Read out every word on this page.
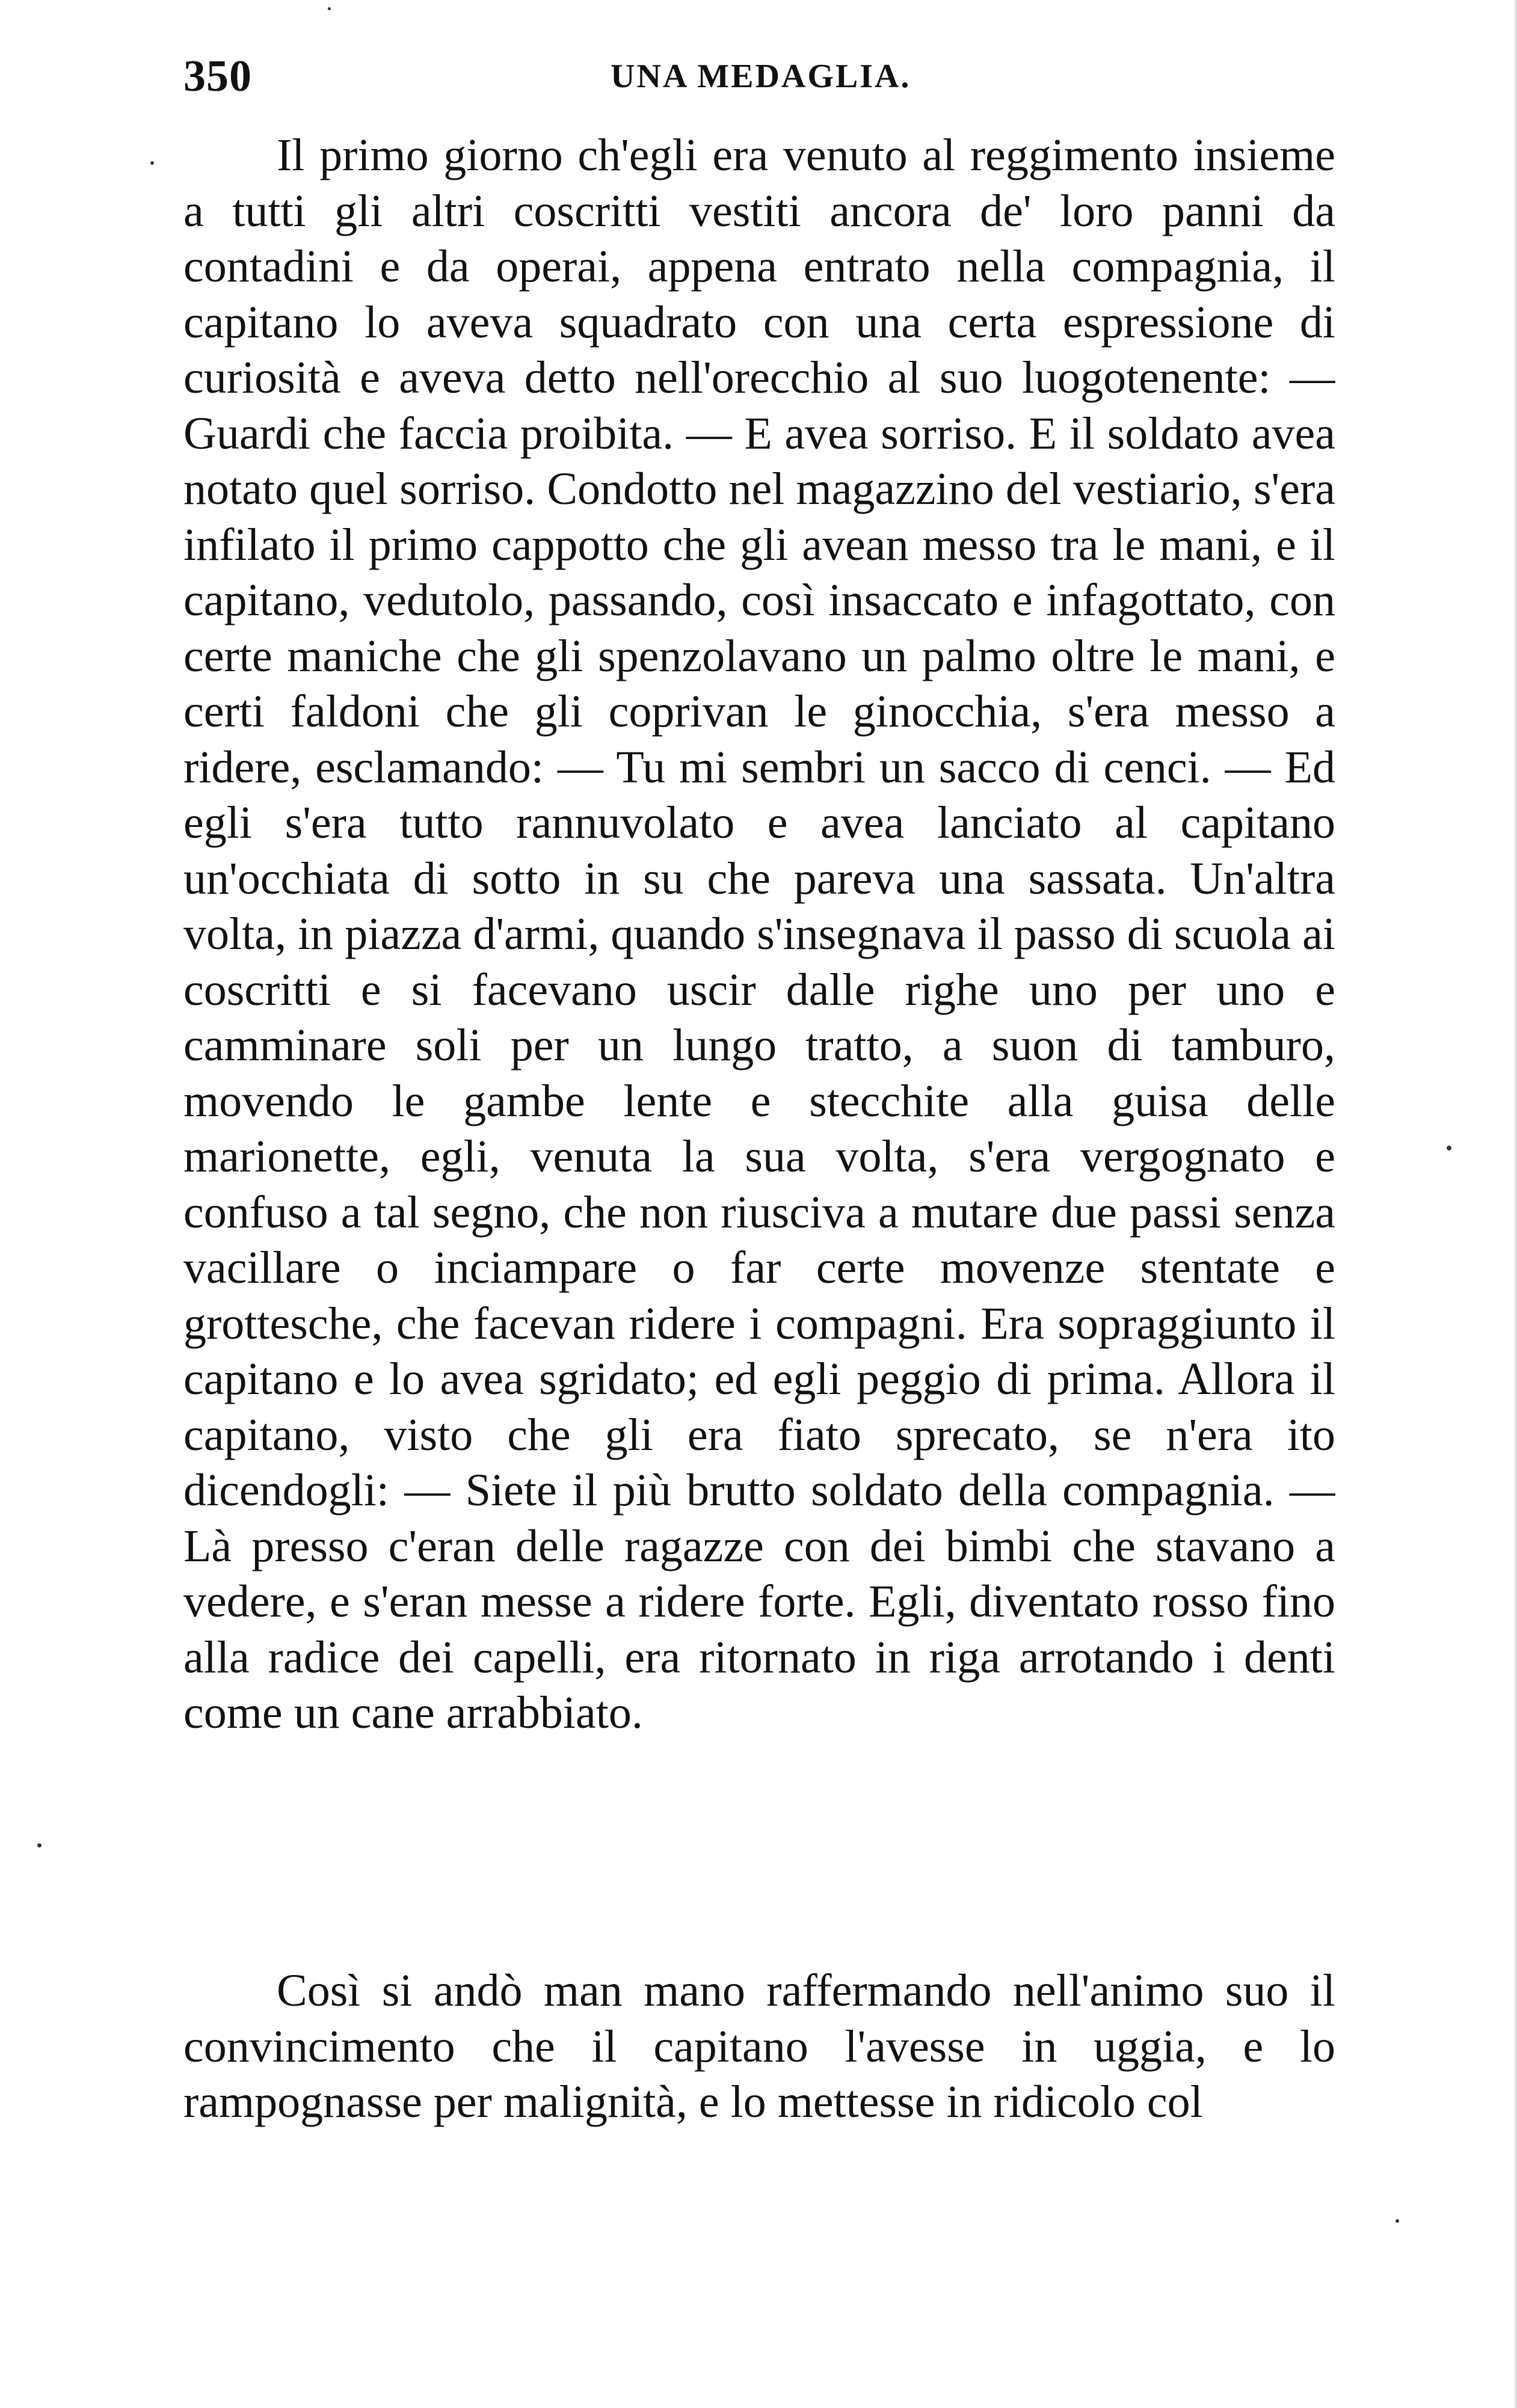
350	UNA MEDAGLIA.

Il primo giorno ch'egli era venuto al reggimento insieme a tutti gli altri coscritti vestiti ancora de' loro panni da contadini e da operai, appena entrato nella compagnia, il capitano lo aveva squadrato con una certa espressione di curiosità e aveva detto nell'orecchio al suo luogotenente: — Guardi che faccia proibita. — E avea sorriso. E il soldato avea notato quel sorriso. Condotto nel magazzino del vestiario, s'era infilato il primo cappotto che gli avean messo tra le mani, e il capitano, vedutolo, passando, così insaccato e infagottato, con certe maniche che gli spenzolavano un palmo oltre le mani, e certi faldoni che gli coprivan le ginocchia, s'era messo a ridere, esclamando: — Tu mi sembri un sacco di cenci. — Ed egli s'era tutto rannuvolato e avea lanciato al capitano un'occhiata di sotto in su che pareva una sassata. Un'altra volta, in piazza d'armi, quando s'insegnava il passo di scuola ai coscritti e si facevano uscir dalle righe uno per uno e camminare soli per un lungo tratto, a suon di tamburo, movendo le gambe lente e stecchite alla guisa delle marionette, egli, venuta la sua volta, s'era vergognato e confuso a tal segno, che non riusciva a mutare due passi senza vacillare o inciampare o far certe movenze stentate e grottesche, che facevan ridere i compagni. Era sopraggiunto il capitano e lo avea sgridato; ed egli peggio di prima. Allora il capitano, visto che gli era fiato sprecato, se n'era ito dicendogli: — Siete il più brutto soldato della compagnia. — Là presso c'eran delle ragazze con dei bimbi che stavano a vedere, e s'eran messe a ridere forte. Egli, diventato rosso fino alla radice dei capelli, era ritornato in riga arrotando i denti come un cane arrabbiato.

Così si andò man mano raffermando nell'animo suo il convincimento che il capitano l'avesse in uggia, e lo rampognasse per malignità, e lo mettesse in ridicolo col
